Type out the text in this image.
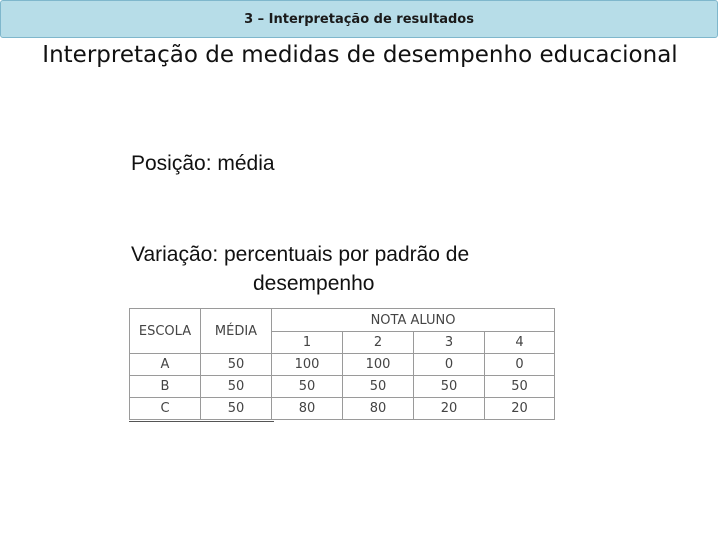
3 – Interpretação de resultados
Interpretação de medidas de desempenho educacional
Posição: média
Variação: percentuais por padrão de
desempenho
ESCOLA	MÉDIA	NOTA ALUNO			
		1	2	3	4
A	50	100	100	0	0
B	50	50	50	50	50
C	50	80	80	20	20
